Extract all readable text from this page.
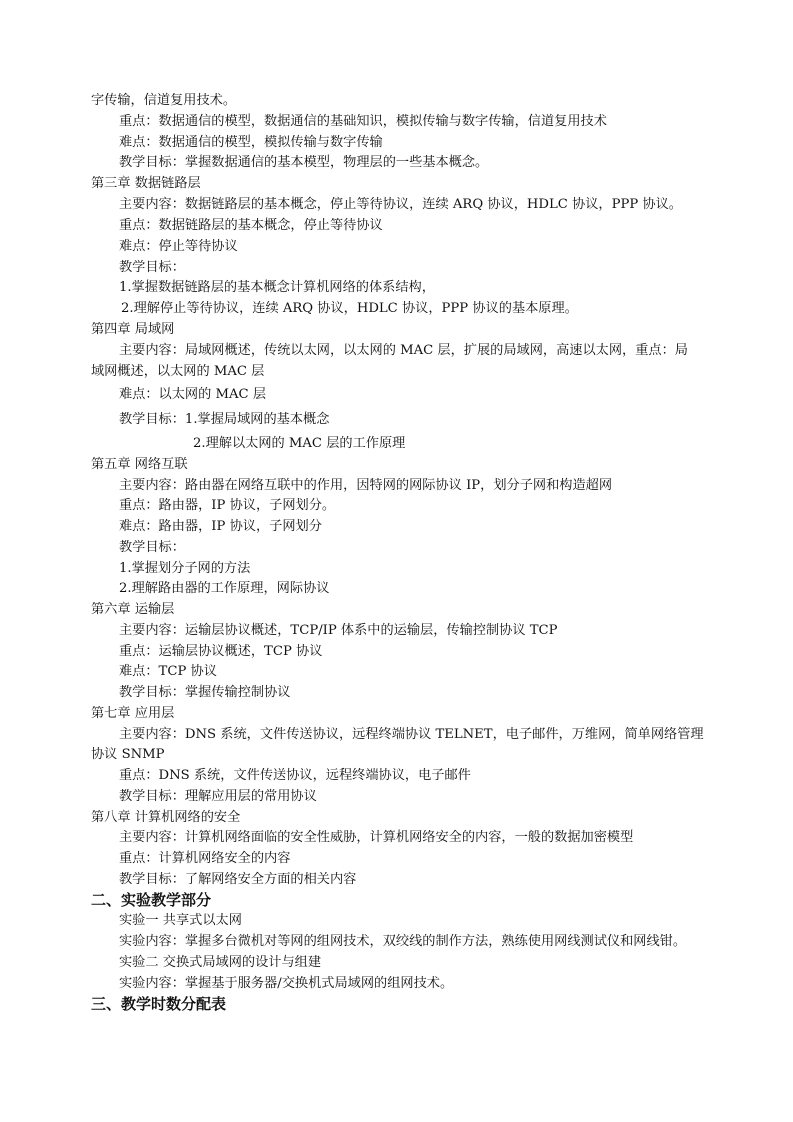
字传输，信道复用技术。
重点：数据通信的模型，数据通信的基础知识，模拟传输与数字传输，信道复用技术
难点：数据通信的模型，模拟传输与数字传输
教学目标：掌握数据通信的基本模型，物理层的一些基本概念。
第三章 数据链路层
主要内容：数据链路层的基本概念，停止等待协议，连续 ARQ 协议，HDLC 协议，PPP 协议。
重点：数据链路层的基本概念，停止等待协议
难点：停止等待协议
教学目标：
1.掌握数据链路层的基本概念计算机网络的体系结构，
2.理解停止等待协议，连续 ARQ 协议，HDLC 协议，PPP 协议的基本原理。
第四章 局域网
主要内容：局域网概述，传统以太网，以太网的 MAC 层，扩展的局域网，高速以太网，重点：局
域网概述，以太网的 MAC 层
难点：以太网的 MAC 层
教学目标：1.掌握局域网的基本概念
2.理解以太网的 MAC 层的工作原理
第五章 网络互联
主要内容：路由器在网络互联中的作用，因特网的网际协议 IP，划分子网和构造超网
重点：路由器，IP 协议，子网划分。
难点：路由器，IP 协议，子网划分
教学目标：
1.掌握划分子网的方法
2.理解路由器的工作原理，网际协议
第六章 运输层
主要内容：运输层协议概述，TCP/IP 体系中的运输层，传输控制协议 TCP
重点：运输层协议概述，TCP 协议
难点：TCP 协议
教学目标：掌握传输控制协议
第七章 应用层
主要内容：DNS 系统，文件传送协议，远程终端协议 TELNET，电子邮件，万维网，简单网络管理
协议 SNMP
重点：DNS 系统，文件传送协议，远程终端协议，电子邮件
教学目标：理解应用层的常用协议
第八章 计算机网络的安全
主要内容：计算机网络面临的安全性威胁，计算机网络安全的内容，一般的数据加密模型
重点：计算机网络安全的内容
教学目标：了解网络安全方面的相关内容
二、实验教学部分
实验一 共享式以太网
实验内容：掌握多台微机对等网的组网技术，双绞线的制作方法，熟练使用网线测试仪和网线钳。
实验二 交换式局域网的设计与组建
实验内容：掌握基于服务器/交换机式局域网的组网技术。
三、教学时数分配表
